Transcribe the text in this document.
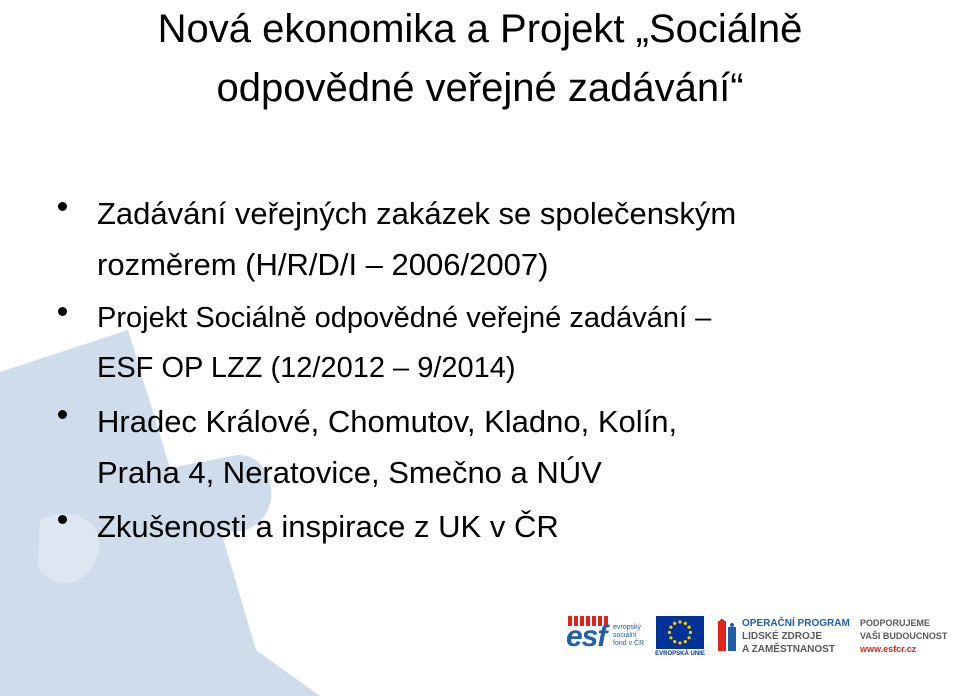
Nová ekonomika a Projekt „Sociálně
odpovědné veřejné zadávání“
Zadávání veřejných zakázek se společenským
rozměrem (H/R/D/I – 2006/2007)
Projekt Sociálně odpovědné veřejné zadávání –
ESF OP LZZ (12/2012 – 9/2014)
Hradec Králové, Chomutov, Kladno, Kolín,
Praha 4, Neratovice, Smečno a NÚV
Zkušenosti a inspirace z UK v ČR
esf evropský
sociální
fond v ČR
EVROPSKÁ UNIE
OPERAČNÍ PROGRAM
LIDSKÉ ZDROJE
A ZAMĚSTNANOST
PODPORUJEME
VAŠI BUDOUCNOST
www.esfcr.cz
